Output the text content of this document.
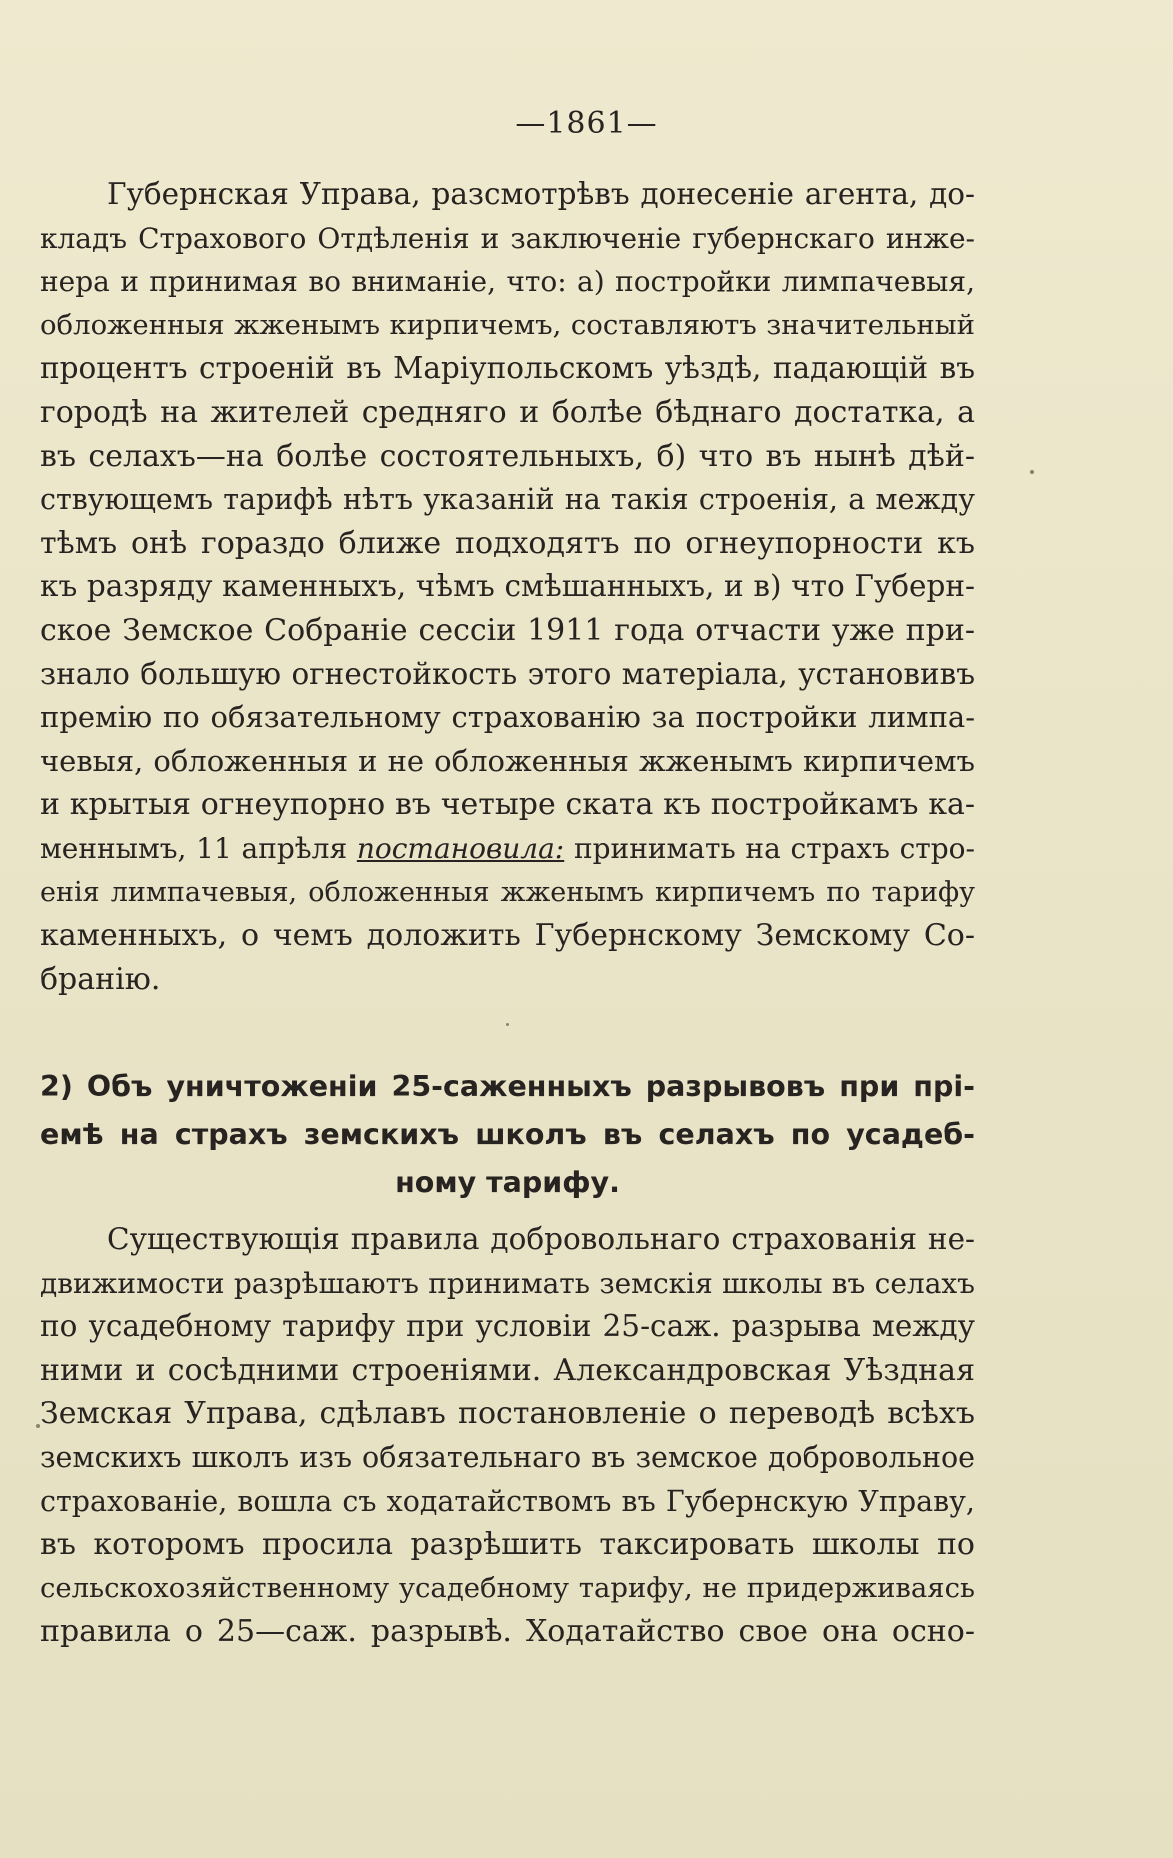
—1861—
Губернская Управа, разсмотрѣвъ донесеніе агента, до-
кладъ Страхового Отдѣленія и заключеніе губернскаго инже-
нера и принимая во вниманіе, что: а) постройки лимпачевыя,
обложенныя жженымъ кирпичемъ, составляютъ значительный
процентъ строеній въ Маріупольскомъ уѣздѣ, падающій въ
городѣ на жителей средняго и болѣе бѣднаго достатка, а
въ селахъ—на болѣе состоятельныхъ, б) что въ нынѣ дѣй-
ствующемъ тарифѣ нѣтъ указаній на такія строенія, а между
тѣмъ онѣ гораздо ближе подходятъ по огнеупорности къ
къ разряду каменныхъ, чѣмъ смѣшанныхъ, и в) что Губерн-
ское Земское Собраніе сессіи 1911 года отчасти уже при-
знало большую огнестойкость этого матеріала, установивъ
премію по обязательному страхованію за постройки лимпа-
чевыя, обложенныя и не обложенныя жженымъ кирпичемъ
и крытыя огнеупорно въ четыре ската къ постройкамъ ка-
меннымъ, 11 апрѣля постановила: принимать на страхъ стро-
енія лимпачевыя, обложенныя жженымъ кирпичемъ по тарифу
каменныхъ, о чемъ доложить Губернскому Земскому Со-
бранію.
2) Объ уничтоженіи 25-саженныхъ разрывовъ при прі-
емѣ на страхъ земскихъ школъ въ селахъ по усадеб-
ному тарифу.
Существующія правила добровольнаго страхованія не-
движимости разрѣшаютъ принимать земскія школы въ селахъ
по усадебному тарифу при условіи 25-саж. разрыва между
ними и сосѣдними строеніями. Александровская Уѣздная
Земская Управа, сдѣлавъ постановленіе о переводѣ всѣхъ
земскихъ школъ изъ обязательнаго въ земское добровольное
страхованіе, вошла съ ходатайствомъ въ Губернскую Управу,
въ которомъ просила разрѣшить таксировать школы по
сельскохозяйственному усадебному тарифу, не придерживаясь
правила о 25—саж. разрывѣ. Ходатайство свое она осно-
